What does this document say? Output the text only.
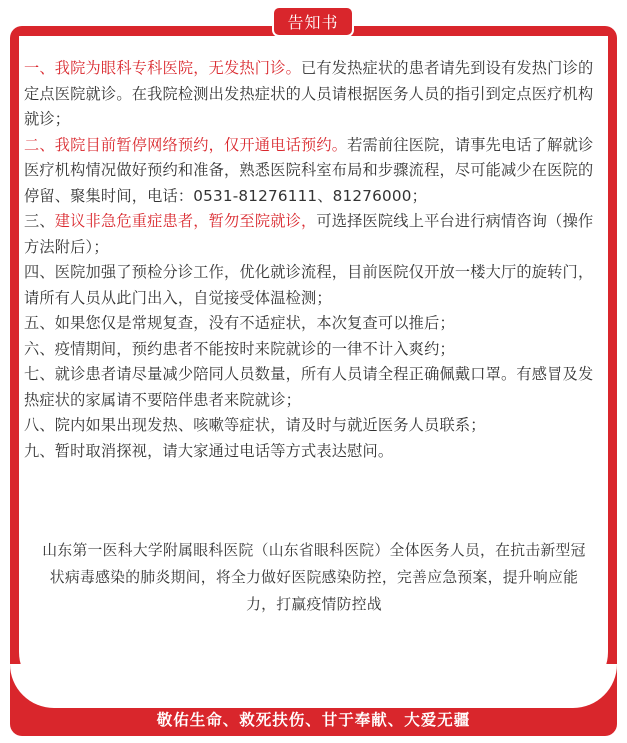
告知书

一、我院为眼科专科医院，无发热门诊。已有发热症状的患者请先到设有发热门诊的定点医院就诊。在我院检测出发热症状的人员请根据医务人员的指引到定点医疗机构就诊；

二、我院目前暂停网络预约，仅开通电话预约。若需前往医院，请事先电话了解就诊医疗机构情况做好预约和准备，熟悉医院科室布局和步骤流程，尽可能减少在医院的停留、聚集时间，电话：0531-81276111、81276000；

三、建议非急危重症患者，暂勿至院就诊，可选择医院线上平台进行病情咨询（操作方法附后）；

四、医院加强了预检分诊工作，优化就诊流程，目前医院仅开放一楼大厅的旋转门，请所有人员从此门出入，自觉接受体温检测；

五、如果您仅是常规复查，没有不适症状，本次复查可以推后；

六、疫情期间，预约患者不能按时来院就诊的一律不计入爽约；

七、就诊患者请尽量减少陪同人员数量，所有人员请全程正确佩戴口罩。有感冒及发热症状的家属请不要陪伴患者来院就诊；

八、院内如果出现发热、咳嗽等症状，请及时与就近医务人员联系；

九、暂时取消探视，请大家通过电话等方式表达慰问。

山东第一医科大学附属眼科医院（山东省眼科医院）全体医务人员，在抗击新型冠状病毒感染的肺炎期间，将全力做好医院感染防控，完善应急预案，提升响应能力，打赢疫情防控战
敬佑生命、救死扶伤、甘于奉献、大爱无疆
